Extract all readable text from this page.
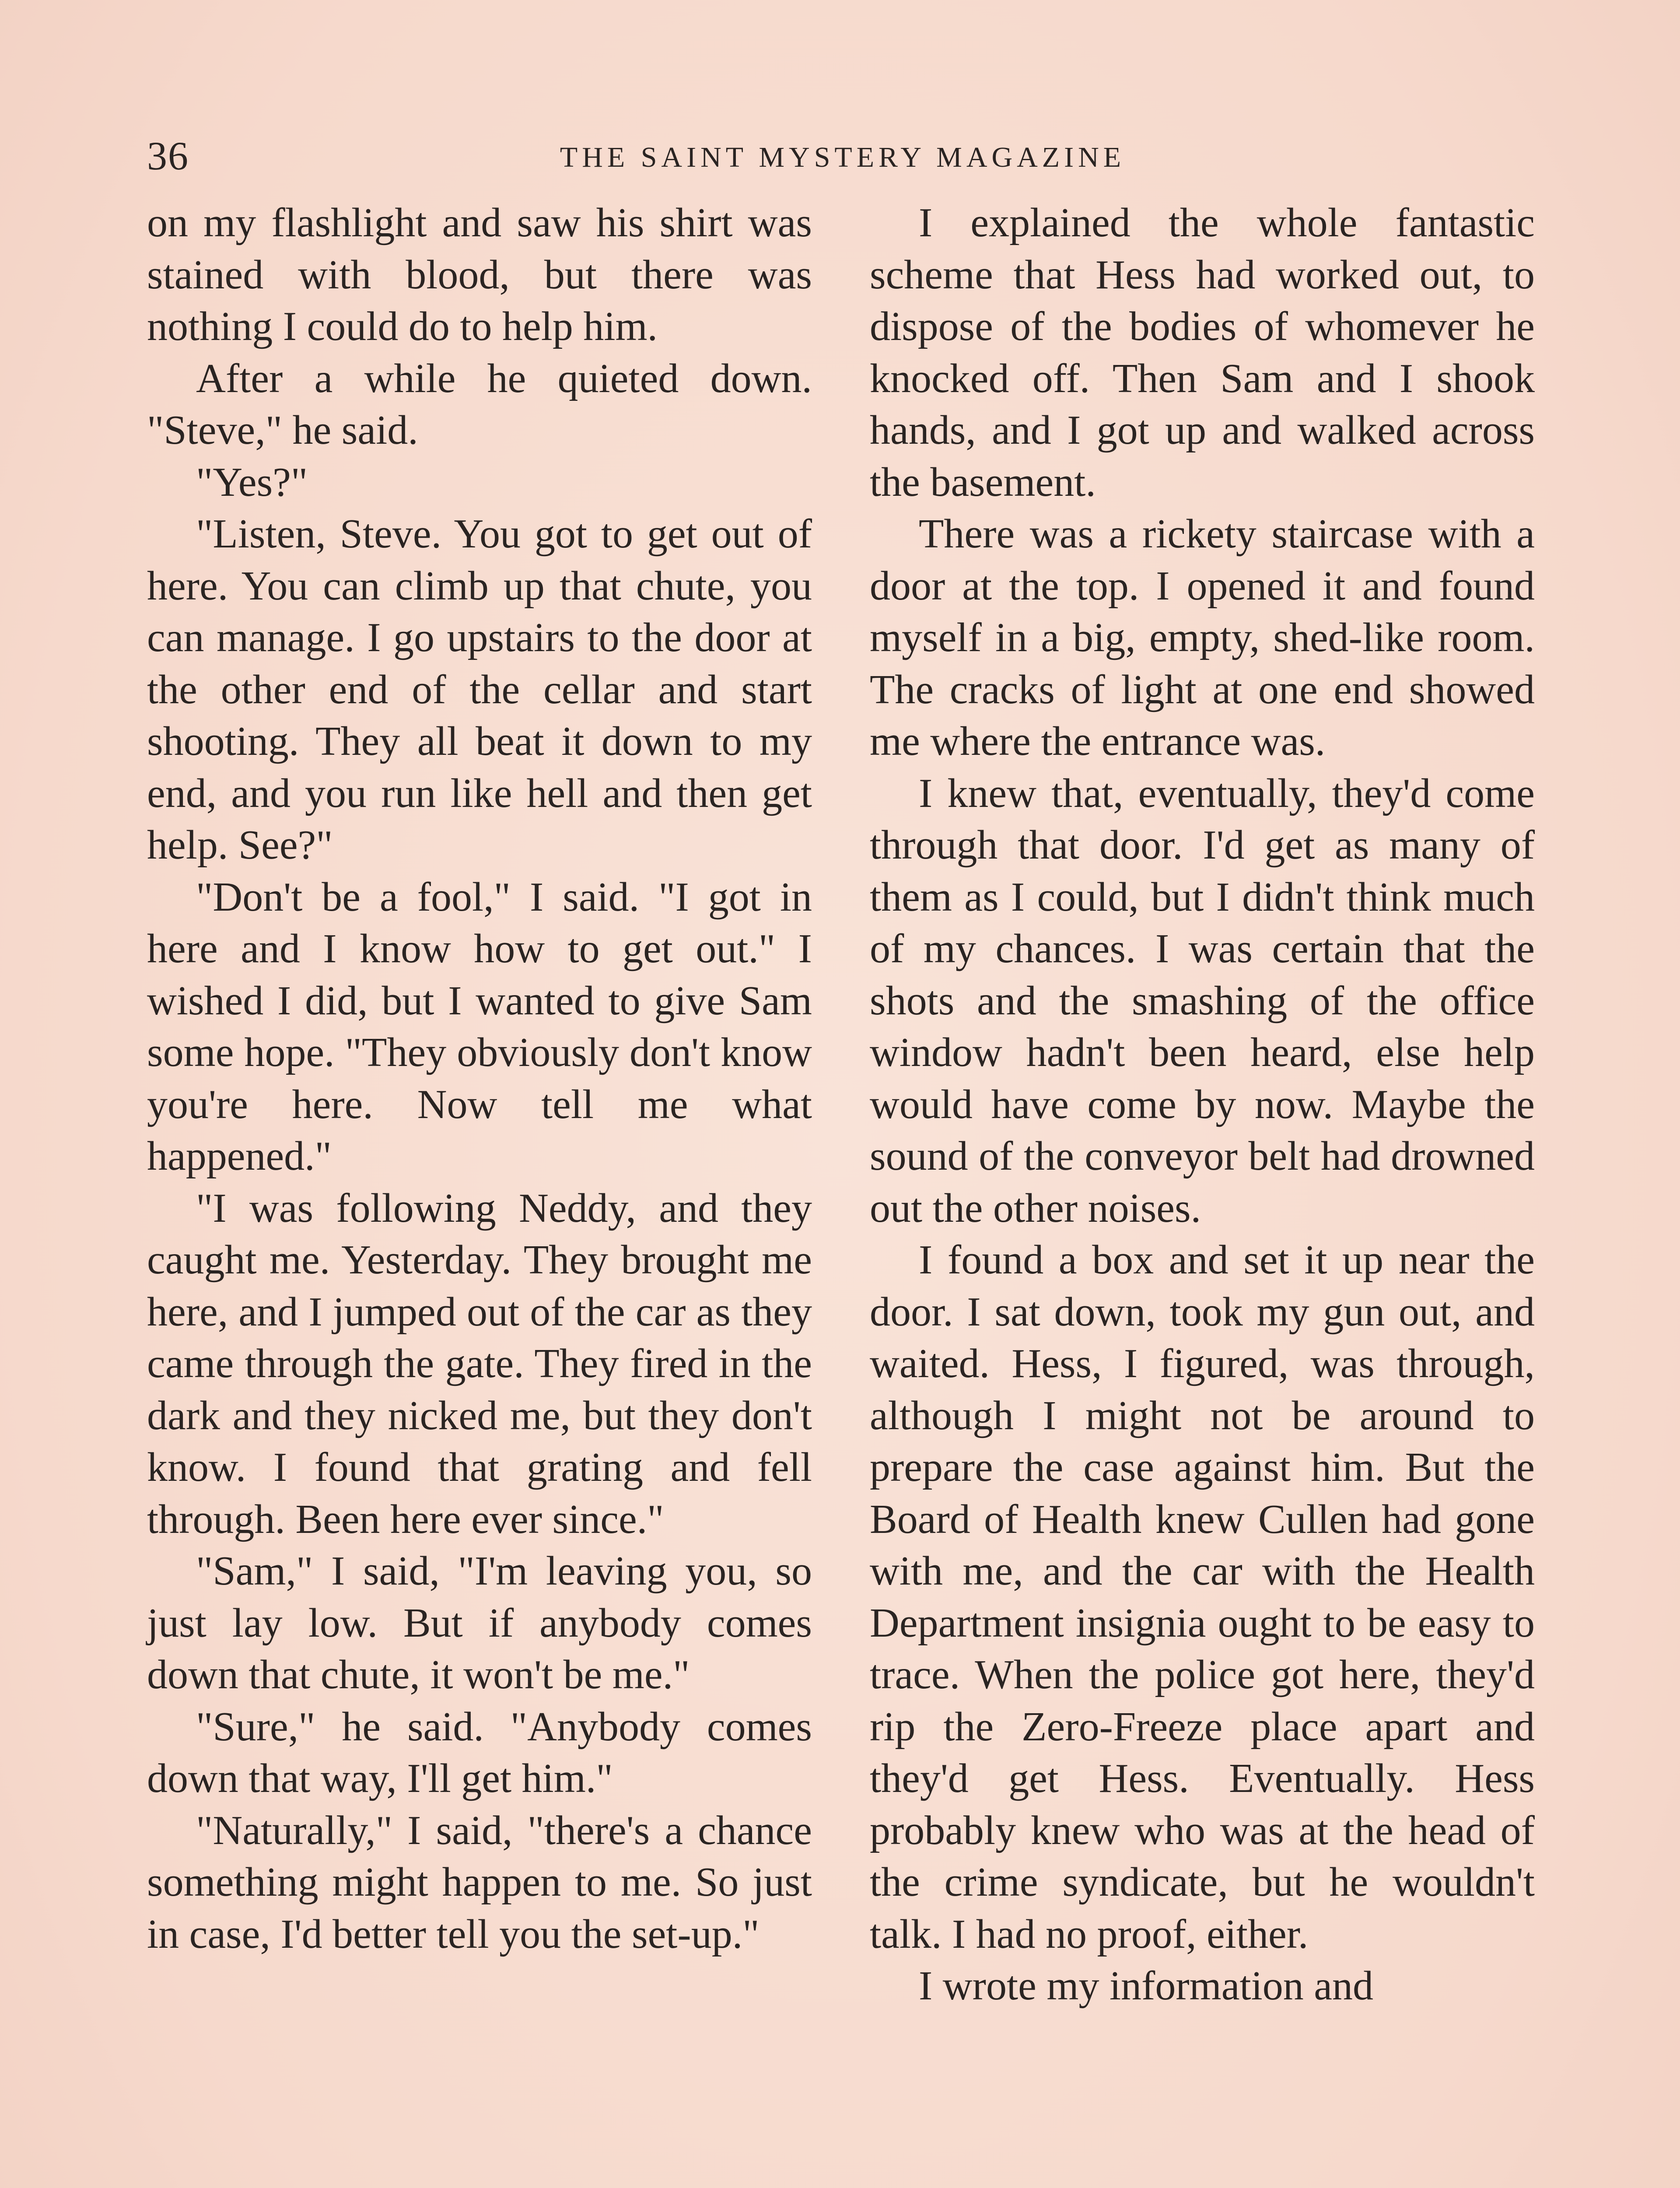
36	THE SAINT MYSTERY MAGAZINE

on my flashlight and saw his shirt was stained with blood, but there was nothing I could do to help him.

After a while he quieted down. "Steve," he said.

"Yes?"

"Listen, Steve. You got to get out of here. You can climb up that chute, you can manage. I go upstairs to the door at the other end of the cellar and start shooting. They all beat it down to my end, and you run like hell and then get help. See?"

"Don't be a fool," I said. "I got in here and I know how to get out." I wished I did, but I wanted to give Sam some hope. "They obviously don't know you're here. Now tell me what happened."

"I was following Neddy, and they caught me. Yesterday. They brought me here, and I jumped out of the car as they came through the gate. They fired in the dark and they nicked me, but they don't know. I found that grating and fell through. Been here ever since."

"Sam," I said, "I'm leaving you, so just lay low. But if anybody comes down that chute, it won't be me."

"Sure," he said. "Anybody comes down that way, I'll get him."

"Naturally," I said, "there's a chance something might happen to me. So just in case, I'd better tell you the set-up."

I explained the whole fantastic scheme that Hess had worked out, to dispose of the bodies of whomever he knocked off. Then Sam and I shook hands, and I got up and walked across the basement.

There was a rickety staircase with a door at the top. I opened it and found myself in a big, empty, shed-like room. The cracks of light at one end showed me where the entrance was.

I knew that, eventually, they'd come through that door. I'd get as many of them as I could, but I didn't think much of my chances. I was certain that the shots and the smashing of the office window hadn't been heard, else help would have come by now. Maybe the sound of the conveyor belt had drowned out the other noises.

I found a box and set it up near the door. I sat down, took my gun out, and waited. Hess, I figured, was through, although I might not be around to prepare the case against him. But the Board of Health knew Cullen had gone with me, and the car with the Health Department insignia ought to be easy to trace. When the police got here, they'd rip the Zero-Freeze place apart and they'd get Hess. Eventually. Hess probably knew who was at the head of the crime syndicate, but he wouldn't talk. I had no proof, either.

I wrote my information and
